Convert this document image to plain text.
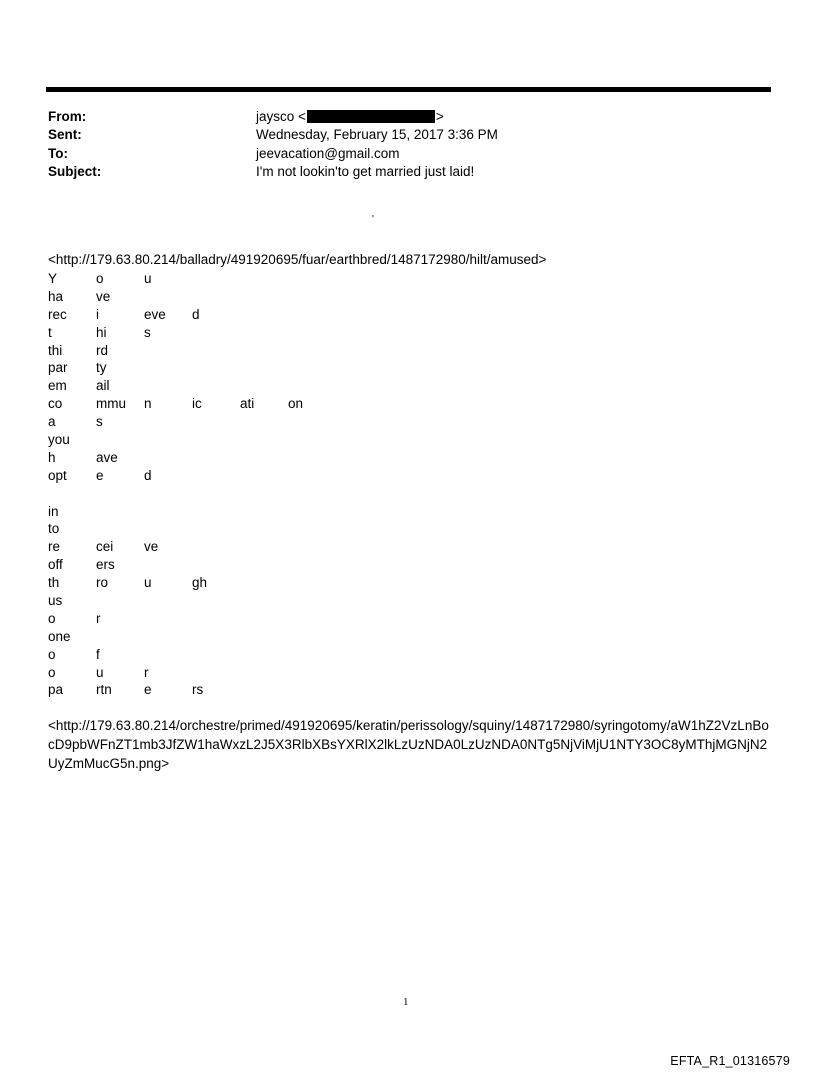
From:	jaysco <	>
Sent:	Wednesday, February 15, 2017 3:36 PM
To:	jeevacation@gmail.com
Subject:	I'm not lookin'to get married just laid!
'
<http://179.63.80.214/balladry/491920695/fuar/earthbred/1487172980/hilt/amused>
Y	o	u
ha ve
rec i	eve d
t	hi	s
thi rd
par ty
em ail
co mmu n	ic	ati on
a	s
you
h	ave
opt e	d
in
to
re	cei ve
off ers
th	ro	u	gh
us
o	r
one
o	f
o	u	r
pa rtn e	rs
<http://179.63.80.214/orchestre/primed/491920695/keratin/perissology/squiny/1487172980/syringotomy/aW1hZ2VzLnBocD9pbWFnZT1mb3JfZW1haWxzL2J5X3RlbXBsYXRlX2lkLzUzNDA0LzUzNDA0NTg5NjViMjU1NTY3OC8yMThjMGNjN2UyZmMucG5n.png>
1
EFTA_R1_01316579
